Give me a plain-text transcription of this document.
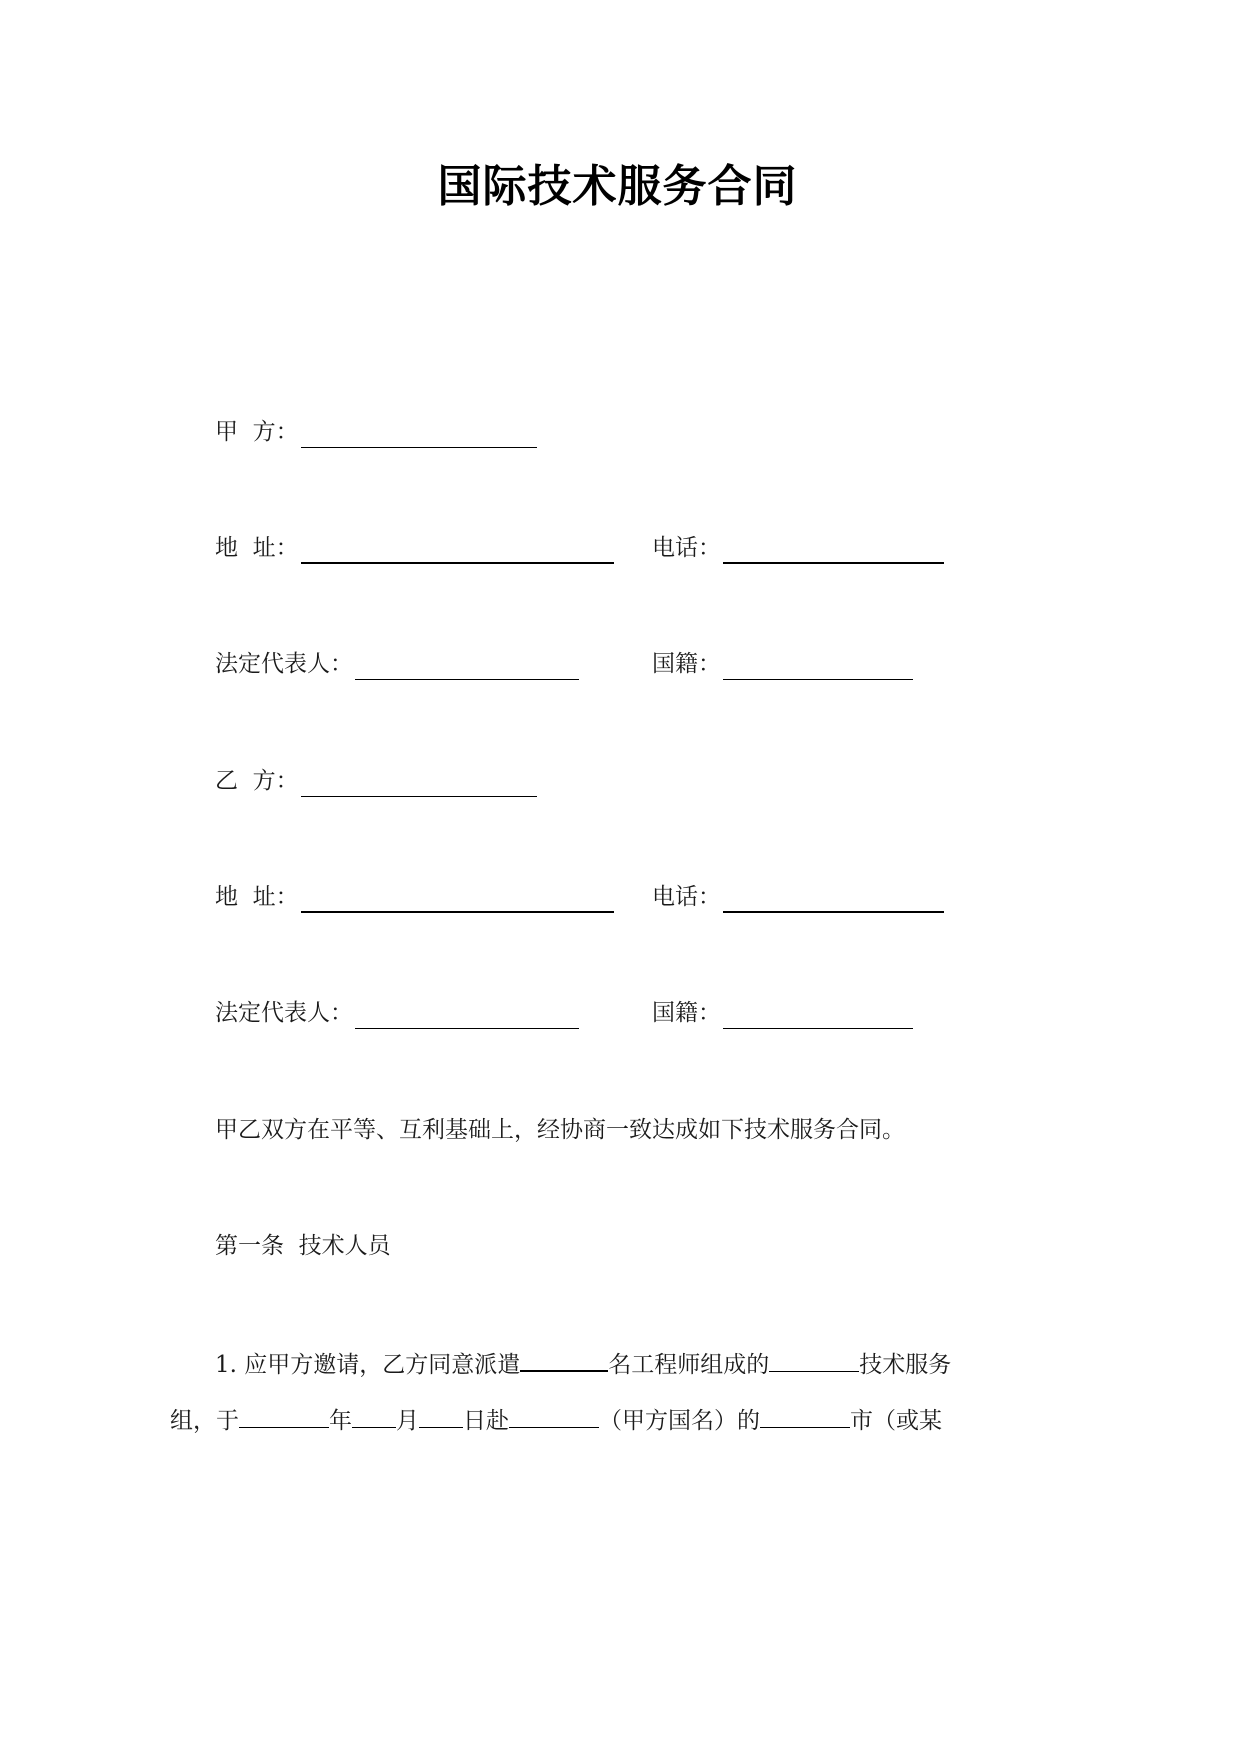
国际技术服务合同
甲  方：
地  址：	电话：
法定代表人：	国籍：
乙  方：
地  址：	电话：
法定代表人：	国籍：
甲乙双方在平等、互利基础上，经协商一致达成如下技术服务合同。
第一条  技术人员
1. 应甲方邀请，乙方同意派遣	名工程师组成的	技术服务
组，于	年 月 日赴	（甲方国名）的	市（或某
